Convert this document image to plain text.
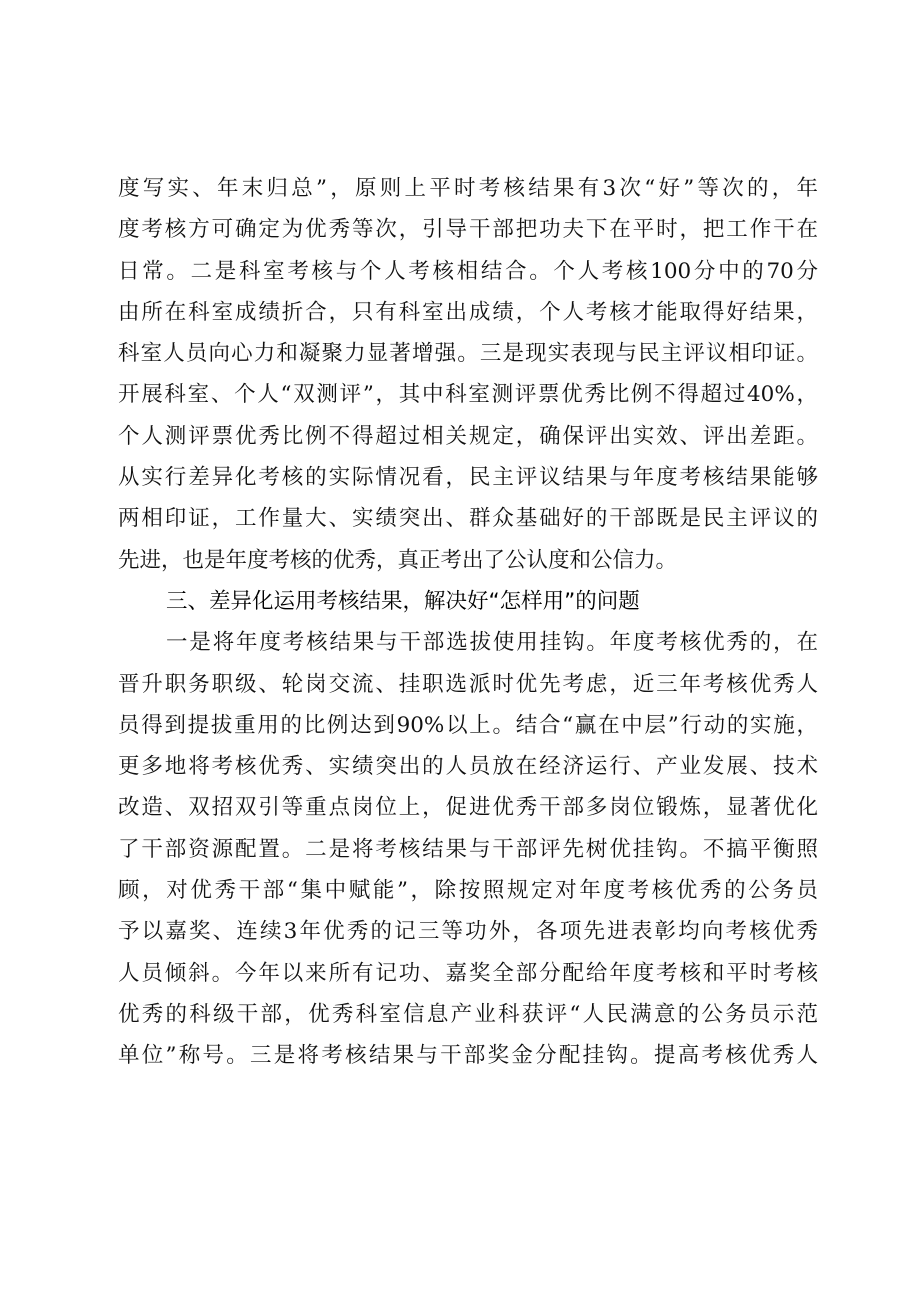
度写实、年末归总”，原则上平时考核结果有3次“好”等次的，年
度考核方可确定为优秀等次，引导干部把功夫下在平时，把工作干在
日常。二是科室考核与个人考核相结合。个人考核100分中的70分
由所在科室成绩折合，只有科室出成绩，个人考核才能取得好结果，
科室人员向心力和凝聚力显著增强。三是现实表现与民主评议相印证。
开展科室、个人“双测评”，其中科室测评票优秀比例不得超过40%，
个人测评票优秀比例不得超过相关规定，确保评出实效、评出差距。
从实行差异化考核的实际情况看，民主评议结果与年度考核结果能够
两相印证，工作量大、实绩突出、群众基础好的干部既是民主评议的
先进，也是年度考核的优秀，真正考出了公认度和公信力。
三、差异化运用考核结果，解决好“怎样用”的问题
一是将年度考核结果与干部选拔使用挂钩。年度考核优秀的，在
晋升职务职级、轮岗交流、挂职选派时优先考虑，近三年考核优秀人
员得到提拔重用的比例达到90%以上。结合“赢在中层”行动的实施，
更多地将考核优秀、实绩突出的人员放在经济运行、产业发展、技术
改造、双招双引等重点岗位上，促进优秀干部多岗位锻炼，显著优化
了干部资源配置。二是将考核结果与干部评先树优挂钩。不搞平衡照
顾，对优秀干部“集中赋能”，除按照规定对年度考核优秀的公务员
予以嘉奖、连续3年优秀的记三等功外，各项先进表彰均向考核优秀
人员倾斜。今年以来所有记功、嘉奖全部分配给年度考核和平时考核
优秀的科级干部，优秀科室信息产业科获评“人民满意的公务员示范
单位”称号。三是将考核结果与干部奖金分配挂钩。提高考核优秀人
